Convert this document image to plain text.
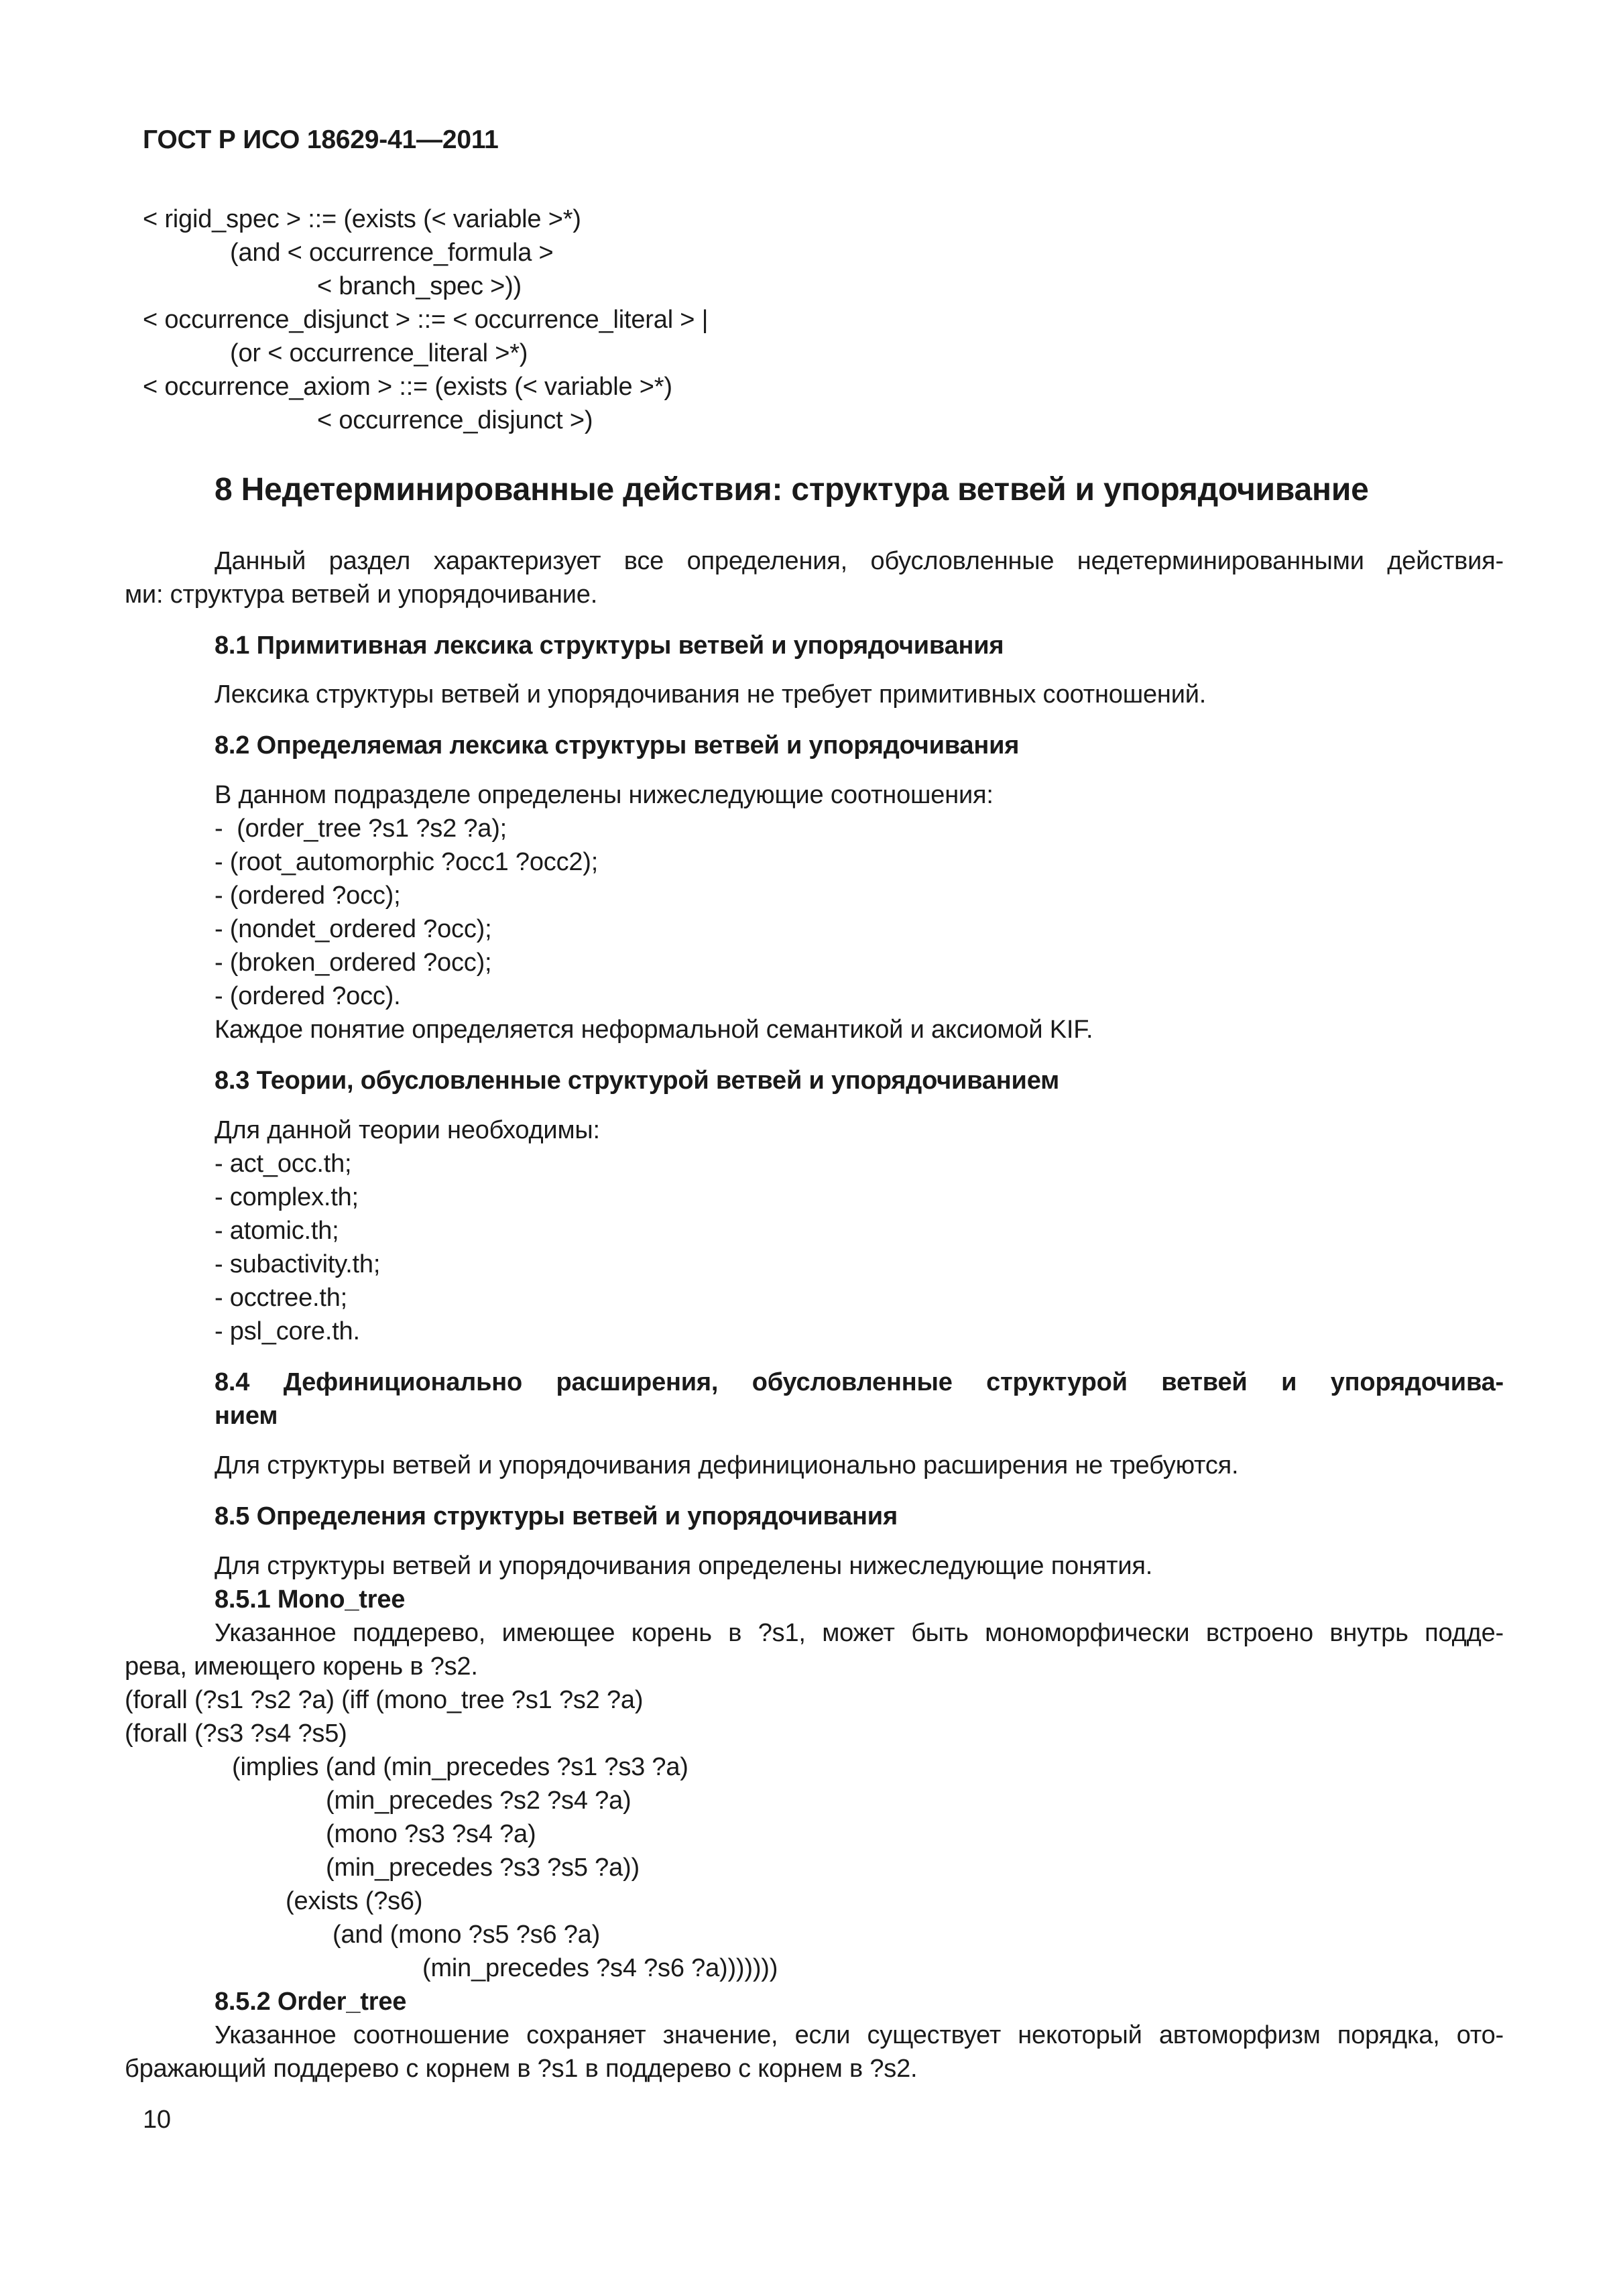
ГОСТ Р ИСО 18629-41—2011
< rigid_spec > ::= (exists (< variable >*)
(and < occurrence_formula >
< branch_spec >))
< occurrence_disjunct > ::= < occurrence_literal > |
(or < occurrence_literal >*)
< occurrence_axiom > ::= (exists (< variable >*)
< occurrence_disjunct >)
8 Недетерминированные действия: структура ветвей и упорядочивание
Данный раздел характеризует все определения, обусловленные недетерминированными действия-
ми: структура ветвей и упорядочивание.
8.1 Примитивная лексика структуры ветвей и упорядочивания
Лексика структуры ветвей и упорядочивания не требует примитивных соотношений.
8.2 Определяемая лексика структуры ветвей и упорядочивания
В данном подразделе определены нижеследующие соотношения:
-  (order_tree ?s1 ?s2 ?a);
- (root_automorphic ?occ1 ?occ2);
- (ordered ?occ);
- (nondet_ordered ?occ);
- (broken_ordered ?occ);
- (ordered ?occ).
Каждое понятие определяется неформальной семантикой и аксиомой KIF.
8.3 Теории, обусловленные структурой ветвей и упорядочиванием
Для данной теории необходимы:
- act_occ.th;
- complex.th;
- atomic.th;
- subactivity.th;
- occtree.th;
- psl_core.th.
8.4 Дефиниционально расширения, обусловленные структурой ветвей и упорядочива-
нием
Для структуры ветвей и упорядочивания дефиниционально расширения не требуются.
8.5 Определения структуры ветвей и упорядочивания
Для структуры ветвей и упорядочивания определены нижеследующие понятия.
8.5.1 Mono_tree
Указанное поддерево, имеющее корень в ?s1, может быть мономорфически встроено внутрь подде-
рева, имеющего корень в ?s2.
(forall (?s1 ?s2 ?a) (iff (mono_tree ?s1 ?s2 ?a)
(forall (?s3 ?s4 ?s5)
(implies (and (min_precedes ?s1 ?s3 ?a)
(min_precedes ?s2 ?s4 ?a)
(mono ?s3 ?s4 ?a)
(min_precedes ?s3 ?s5 ?a))
(exists (?s6)
(and (mono ?s5 ?s6 ?a)
(min_precedes ?s4 ?s6 ?a)))))))
8.5.2 Order_tree
Указанное соотношение сохраняет значение, если существует некоторый автоморфизм порядка, ото-
бражающий поддерево с корнем в ?s1 в поддерево с корнем в ?s2.
10
